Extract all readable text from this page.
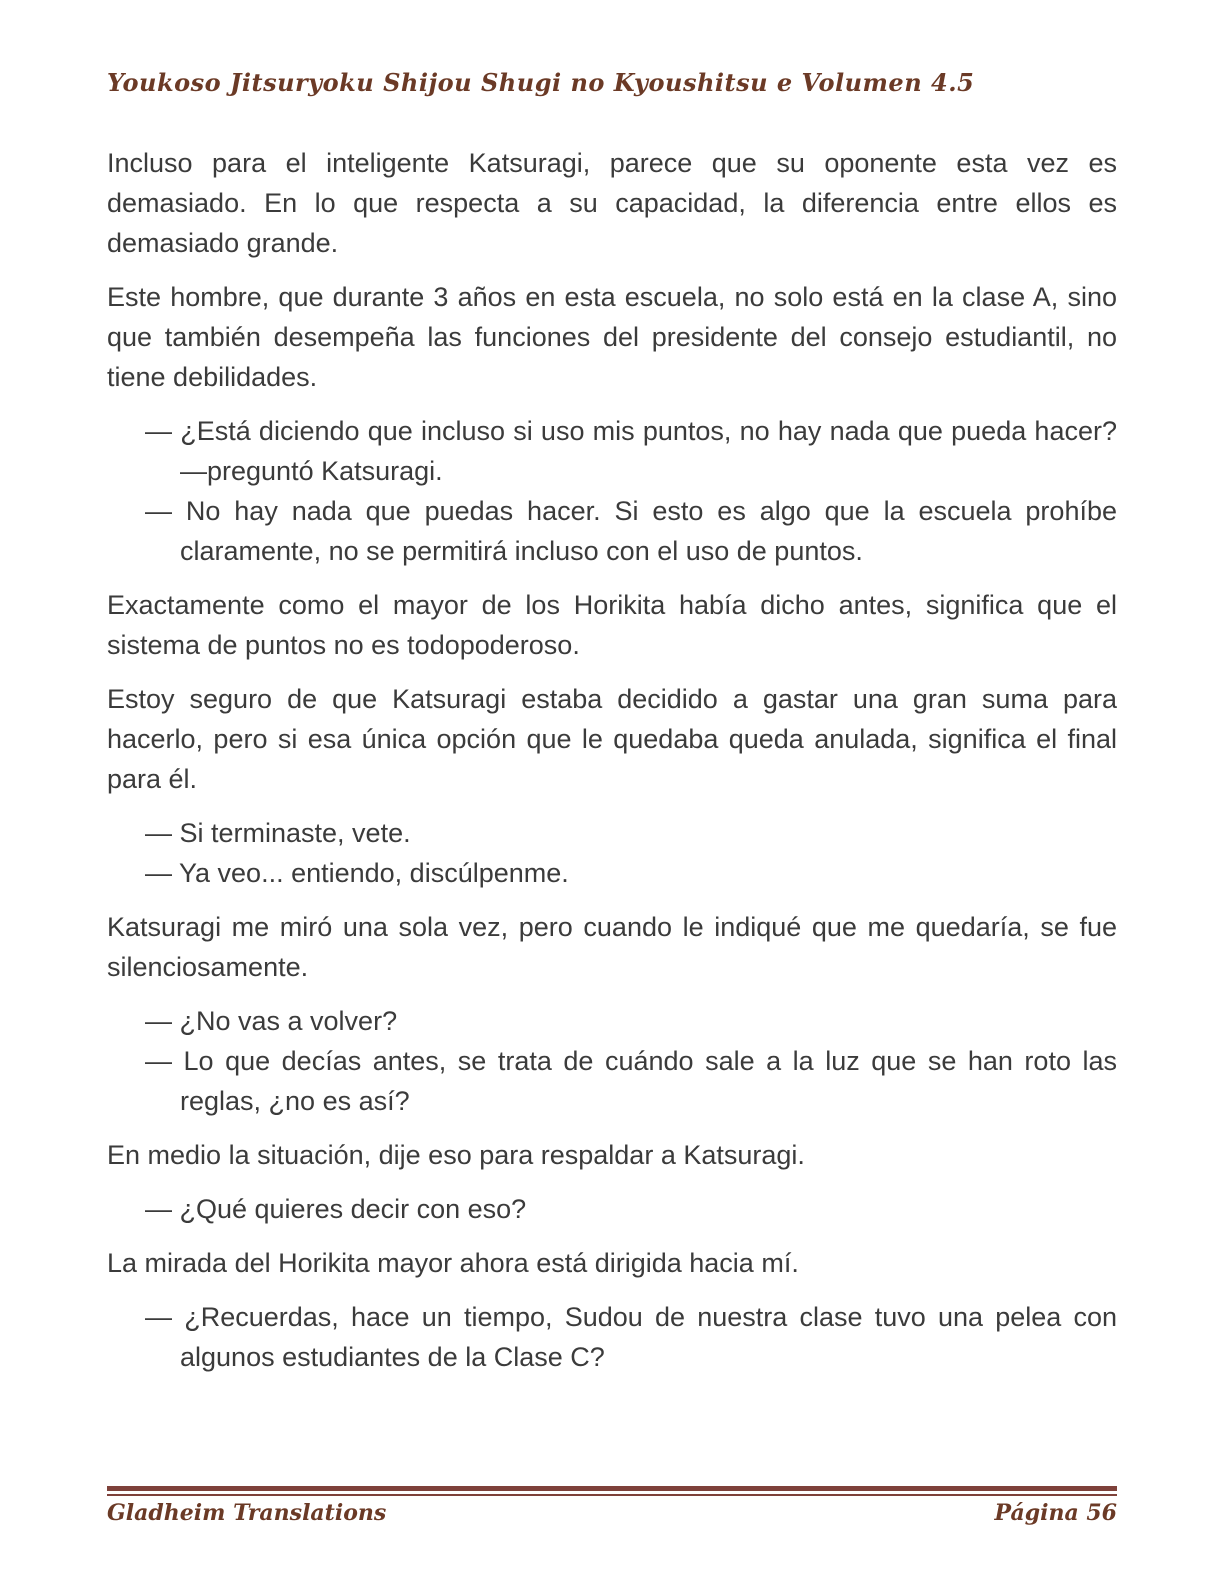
Youkoso Jitsuryoku Shijou Shugi no Kyoushitsu e Volumen 4.5

Incluso para el inteligente Katsuragi, parece que su oponente esta vez es demasiado. En lo que respecta a su capacidad, la diferencia entre ellos es demasiado grande.

Este hombre, que durante 3 años en esta escuela, no solo está en la clase A, sino que también desempeña las funciones del presidente del consejo estudiantil, no tiene debilidades.

— ¿Está diciendo que incluso si uso mis puntos, no hay nada que pueda hacer? —preguntó Katsuragi.

— No hay nada que puedas hacer. Si esto es algo que la escuela prohíbe claramente, no se permitirá incluso con el uso de puntos.

Exactamente como el mayor de los Horikita había dicho antes, significa que el sistema de puntos no es todopoderoso.

Estoy seguro de que Katsuragi estaba decidido a gastar una gran suma para hacerlo, pero si esa única opción que le quedaba queda anulada, significa el final para él.

— Si terminaste, vete.

— Ya veo... entiendo, discúlpenme.

Katsuragi me miró una sola vez, pero cuando le indiqué que me quedaría, se fue silenciosamente.

— ¿No vas a volver?

— Lo que decías antes, se trata de cuándo sale a la luz que se han roto las reglas, ¿no es así?

En medio la situación, dije eso para respaldar a Katsuragi.

— ¿Qué quieres decir con eso?

La mirada del Horikita mayor ahora está dirigida hacia mí.

— ¿Recuerdas, hace un tiempo, Sudou de nuestra clase tuvo una pelea con algunos estudiantes de la Clase C?

Gladheim Translations	Página 56
